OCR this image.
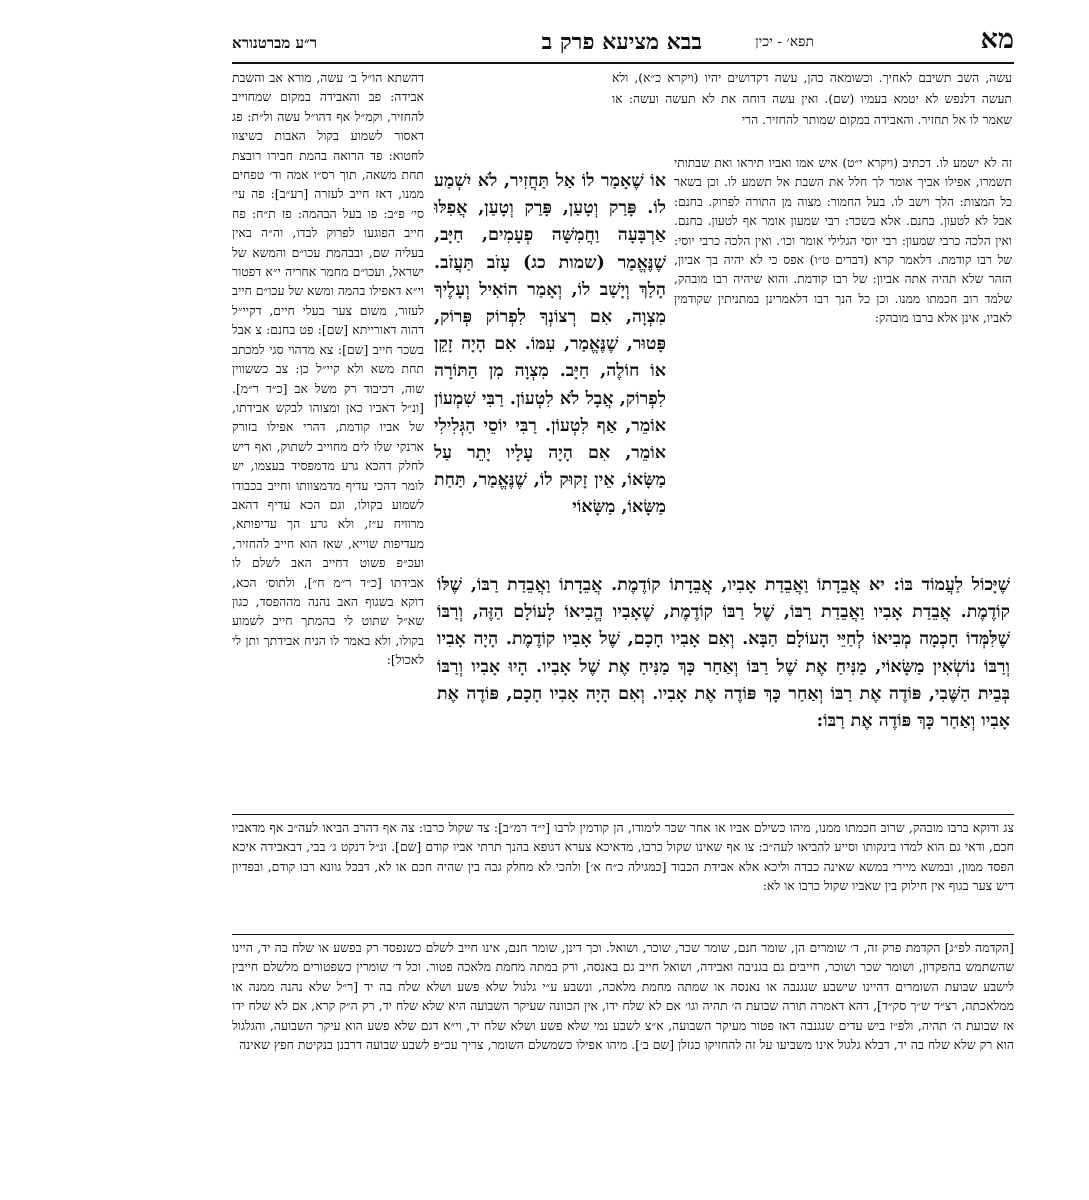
מא
תפא׳ - יכין
בבא מציעא פרק ב
ר״ע מברטנורא

עשה, השב תשיבם לאחיך. וכשומאה כהן, עשה דקדושים יהיו (ויקרא כ״א), ולא תעשה דלנפש לא יטמא בעמיו (שם). ואין עשה דוחה את לא תעשה ועשה: או שאמר לו אל תחזיר. והאבידה במקום שמותר להחזיר. הרי

זה לא ישמע לו. דכתיב (ויקרא י״ט) איש אמו ואביו תיראו ואת שבתותי תשמרו, אפילו אביך אומר לך חלל את השבת אל תשמע לו. וכן בשאר כל המצות: הלך וישב לו. בעל החמור: מצוה מן התורה לפרוק. בחנם: אבל לא לטעון. בחנם. אלא בשכר: רבי שמעון אומר אף לטעון. בחנם. ואין הלכה כרבי שמעון: רבי יוסי הגלילי אומר וכו׳. ואין הלכה כרבי יוסי: של רבו קודמת. דלאמר קרא (דברים ט״ו) אפס כי לא יהיה בך אביון, הזהר שלא תהיה אתה אביון: של רבו קודמת. והוא שיהיה רבו מובהק, שלמד רוב חכמתו ממנו. וכן כל הנך רבו דלאמרינן במתניתין שקודמין לאביו, אינן אלא ברבו מובהק:

אוֹ שֶׁאָמַר לוֹ אַל תַּחֲזִיר, לֹא יִשְׁמַע לוֹ. פָּרַק וְטָעַן, פָּרַק וְטָעַן, אֲפִלּוּ אַרְבָּעָה וַחֲמִשָּׁה פְעָמִים, חַיָּב, שֶׁנֶּאֱמַר (שמות כג) עָזֹב תַּעֲזֹב. הָלַךְ וְיָשַׁב לוֹ, וְאָמַר הוֹאִיל וְעָלֶיךָ מִצְוָה, אִם רְצוֹנְךָ לִפְרוֹק פְּרוֹק, פָּטוּר, שֶׁנֶּאֱמַר, עִמּוֹ. אִם הָיָה זָקֵן אוֹ חוֹלֶה, חַיָּב. מִצְוָה מִן הַתּוֹרָה לִפְרוֹק, אֲבָל לֹא לִטְעוֹן. רַבִּי שִׁמְעוֹן אוֹמֵר, אַף לִטְעוֹן. רַבִּי יוֹסֵי הַגְּלִילִי אוֹמֵר, אִם הָיָה עָלָיו יָתֵר עַל מַשָּׂאוֹ, אֵין זָקוּק לוֹ, שֶׁנֶּאֱמַר, תַּחַת מַשָּׂאוֹ, מַשָּׂאוֹי

שֶׁיָּכוֹל לַעֲמוֹד בּוֹ: יא אֲבֵדָתוֹ וַאֲבֵדַת אָבִיו, אֲבֵדָתוֹ קוֹדֶמֶת. אֲבֵדָתוֹ וַאֲבֵדַת רַבּוֹ, שֶׁלּוֹ קוֹדֶמֶת. אֲבֵדַת אָבִיו וַאֲבֵדַת רַבּוֹ, שֶׁל רַבּוֹ קוֹדֶמֶת, שֶׁאָבִיו הֱבִיאוֹ לָעוֹלָם הַזֶּה, וְרַבּוֹ שֶׁלִּמְּדוֹ חָכְמָה מְבִיאוֹ לְחַיֵּי הָעוֹלָם הַבָּא. וְאִם אָבִיו חָכָם, שֶׁל אָבִיו קוֹדֶמֶת. הָיָה אָבִיו וְרַבּוֹ נוֹשְׂאִין מַשָּׂאוֹי, מַנִּיחַ אֶת שֶׁל רַבּוֹ וְאַחַר כָּךְ מַנִּיחַ אֶת שֶׁל אָבִיו. הָיוּ אָבִיו וְרַבּוֹ בְּבֵית הַשֶּׁבִי, פּוֹדֶה אֶת רַבּוֹ וְאַחַר כָּךְ פּוֹדֶה אֶת אָבִיו. וְאִם הָיָה אָבִיו חָכָם, פּוֹדֶה אֶת אָבִיו וְאַחַר כָּךְ פּוֹדֶה אֶת רַבּוֹ:

דהשתא הו״ל ב׳ עשה, מורא אב והשבת אבידה: פב והאבידה במקום שמחוייב להחזיר, וקמ״ל אף דהו״ל עשה ול״ת: פג דאסור לשמוע בקול האבות כשיצוו לחטוא: פד הרואה בהמת חבירו רובצת תחת משאה, תוך רס״ו אמה וד׳ טפחים ממנו, דאז חייב לעזרה [רע״ב]: פה עי׳ סי׳ פ״ב: פו בעל הבהמה: פז ת״ח: פח חייב הפוגעו לפרוק לבדו, וה״ה באין בעליה שם, ובבהמת עכו״ם והמשא של ישראל, ועכו״ם מחמר אחריה י״א דפטור וי״א דאפילו בהמה ומשא של עכו״ם חייב לעזור, משום צער בעלי חיים, דקיי״ל דהוה דאורייתא [שם]: פט בחנם: צ אבל בשכר חייב [שם]: צא מדהוי סגי למכתב תחת משא ולא קיי״ל כן: צב כששווין שוה, דכיבוד רק משל אב [כ״ד ר״מ]. [ונ״ל דאביו כאן ומצוהו לבקש אבידתו, של אביו קודמת, דהרי אפילו בזורק ארנקי שלו לים מחוייב לשתוק, ואף דיש לחלק דהכא גרע מדמפסיד בעצמו, יש לומר דהכי עדיף מדמצוותו וחייב בכבודו לשמוע בקולו, וגם הכא עדיף דהאב מרוויח ע״ז, ולא גרע הך עדיפותא, מעדיפות שוייא, שאז הוא חייב להחזיר, ועכ״פ פשוט דחייב האב לשלם לו אבידתו [כ״ד ר״מ ח״], ולתוס׳ הכא, דוקא בשגוף האב נהנה מההפסד, כגון שא״ל שתוט לי בהמתך חייב לשמוע בקולו, ולא באמר לו הניח אבידתך ותן לי לאכול]:

צג ודוקא ברבו מובהק, שרוב חכמתו ממנו, מיהו כשילם אביו או אחר שכר לימודו, הן קודמין לרבו [י״ד רמ״ב]: צד שקול כרבו: צה אף דהרב הביאו לעה״ב אף מדאביו חכם, ודאי גם הוא למדו בינקותו וסייע להביאו לעה״ב: צו אף שאינו שקול כרבו, מדאיכא צערא דגופא בהנך תרתי אביו קודם [שם]. ונ״ל דנקט ג׳ בבי, דבאבידה איכא הפסד ממון, ובמשא מיירי במשא שאינה כבדה וליכא אלא אבידת הכבוד [כמגילה כ״ח א׳] ולהכי לא מחלק גבה בין שהיה חכם או לא, דבכל גוונא רבו קודם, ובפדיון דיש צער בגוף אין חילוק בין שאביו שקול כרבו או לא:

[הקדמה לפ״ג] הקדמת פרק זה, ד׳ שומרים הן, שומר חנם, שומר שכר, שוכר, ושואל. וכך דינן, שומר חנם, אינו חייב לשלם כשנפסד רק בפשע או שלח בה יד, היינו שהשתמש בהפקדון, ושומר שכר ושוכר, חייבים גם בגניבה ואבידה, ושואל חייב גם באנסה, ורק במתה מחמת מלאכה פטור. וכל ד׳ שומרין כשפטורים מלשלם חייבין לישבע שבועת השומרים דהיינו שישבע שנגנבה או נאנסה או שמתה מחמת מלאכה, ונשבע ע״י גלגול שלא פשע ושלא שלח בה יד [ר״ל שלא נהנה ממנה או ממלאכתה, רצ״ד ש״ך סק״ד], דהא דאמרה תורה שבועת ה׳ תהיה וגו׳ אם לא שלח ידו, אין הכוונה שעיקר השבועה היא שלא שלח יד, רק ה״ק קרא, אם לא שלח ידו אז שבועת ה׳ תהיה, ולפ״ז ביש עדים שנגנבה דאז פטור מעיקר השבועה, א״צ לשבע נמי שלא פשע ושלא שלח יד, וי״א דגם שלא פשע הוא עיקר השבועה, והגלגול הוא רק שלא שלח בה יד, דבלא גלגול אינו משביעו על זה להחזיקו כגזלן [שם ב׳]. מיהו אפילו כשמשלם השומר, צריך עכ״פ לשבע שבועה דרבנן בנקיטת חפץ שאינה
